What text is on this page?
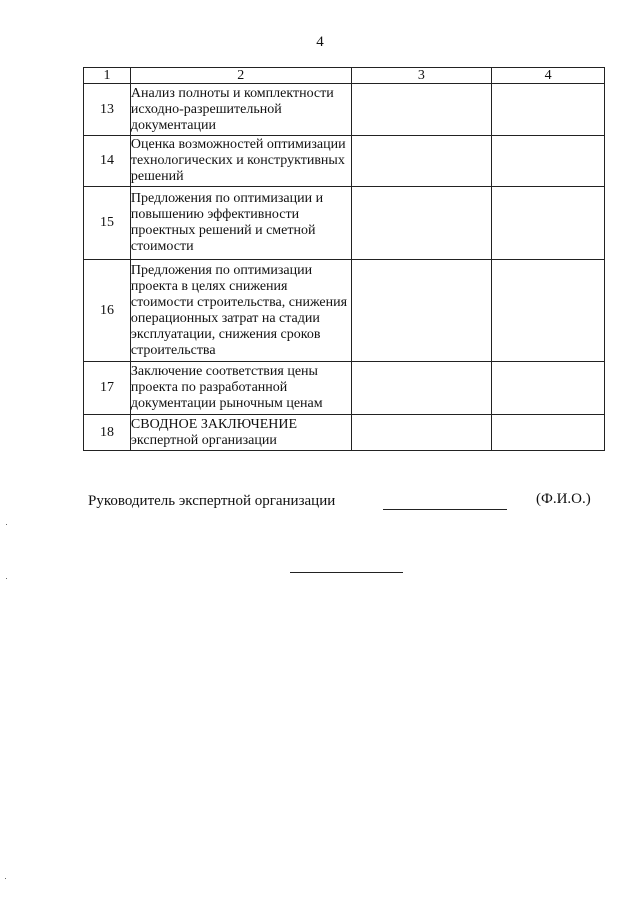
4
1	2	3	4
13	Анализ полноты и комплектности исходно-разрешительной документации		
14	Оценка возможностей оптимизации технологических и конструктивных решений		
15	Предложения по оптимизации и повышению эффективности проектных решений и сметной стоимости		
16	Предложения по оптимизации проекта в целях снижения стоимости строительства, снижения операционных затрат на стадии эксплуатации, снижения сроков строительства		
17	Заключение соответствия цены проекта по разработанной документации рыночным ценам		
18	СВОДНОЕ ЗАКЛЮЧЕНИЕ экспертной организации		
Руководитель экспертной организации	(Ф.И.О.)
